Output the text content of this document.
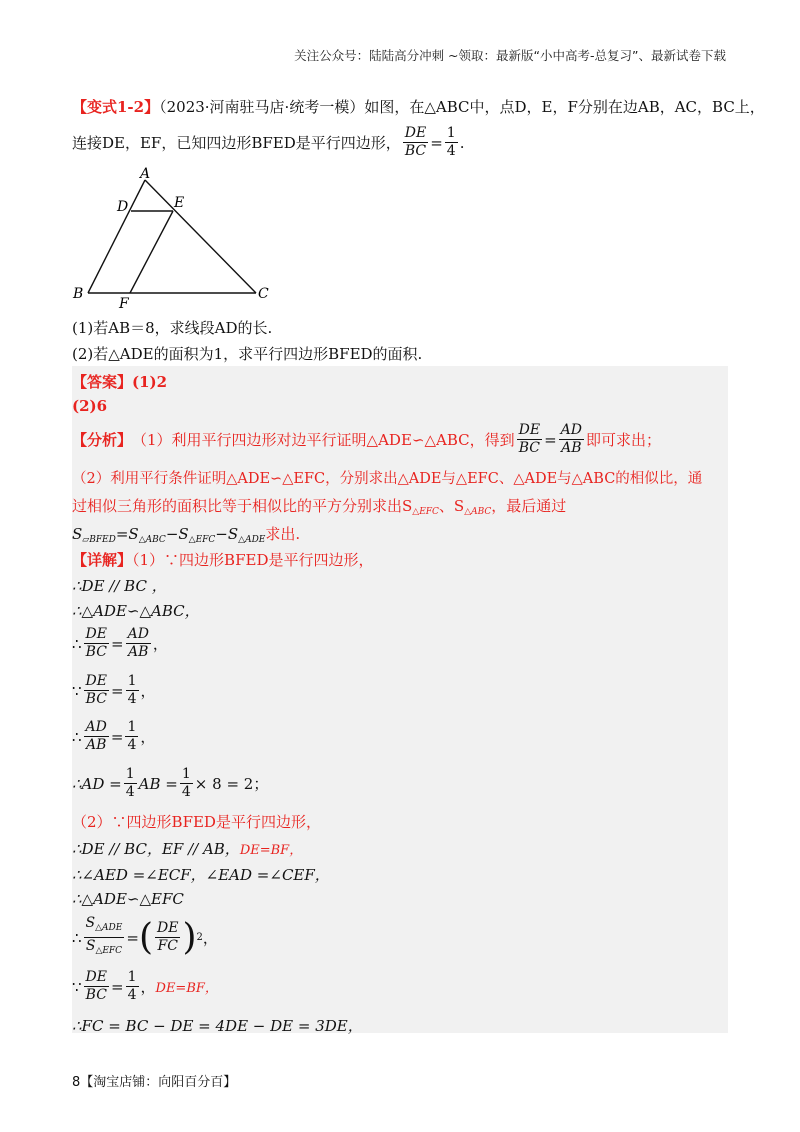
关注公众号：陆陆高分冲刺 ~领取：最新版“小中高考-总复习”、最新试卷下载
【变式1-2】（2023·河南驻马店·统考一模）如图，在△ABC中，点D，E，F分别在边AB，AC，BC上，
连接DE，EF，已知四边形BFED是平行四边形， $\frac{DE}{BC} = \frac{1}{4}$ .
A
D	E
B
F
C
(1)若AB＝8，求线段AD的长.
(2)若△ADE的面积为1，求平行四边形BFED的面积.
【答案】(1)2
(2)6
【分析】 （1）利用平行四边形对边平行证明△ADE∽△ABC，得到 $\frac{DE}{BC} = \frac{AD}{AB}$ 即可求出；
（2）利用平行条件证明△ADE∽△EFC，分别求出△ADE与△EFC、△ADE与△ABC的相似比，通
过相似三角形的面积比等于相似比的平方分别求出$S_{\triangle EFC}$、$S_{\triangle ABC}$，最后通过
$S_{▱BFED}=S_{\triangle ABC}-S_{\triangle EFC}-S_{\triangle ADE}$求出.
【详解】（1）∵四边形BFED是平行四边形，
∴DE // BC ，
∴△ADE∽△ABC，
∴ $\frac{DE}{BC} = \frac{AD}{AB}$ ，
∵ $\frac{DE}{BC} = \frac{1}{4}$ ，
∴ $\frac{AD}{AB} = \frac{1}{4}$ ，
∴AD = $\frac{1}{4}$ AB = $\frac{1}{4} \times 8 = 2$；
（2）∵四边形BFED是平行四边形，
∴DE // BC，EF // AB，DE=BF，
∴∠AED =∠ECF，∠EAD =∠CEF，
∴△ADE∽△EFC
∴ $\frac{S_{\triangle ADE}}{S_{\triangle EFC}}$ = ( $\frac{DE}{FC}$ ) 2 ，
∵ $\frac{DE}{BC} = \frac{1}{4}$ ， DE=BF，
∴FC = BC − DE = 4DE − DE = 3DE，
8【淘宝店铺：向阳百分百】
